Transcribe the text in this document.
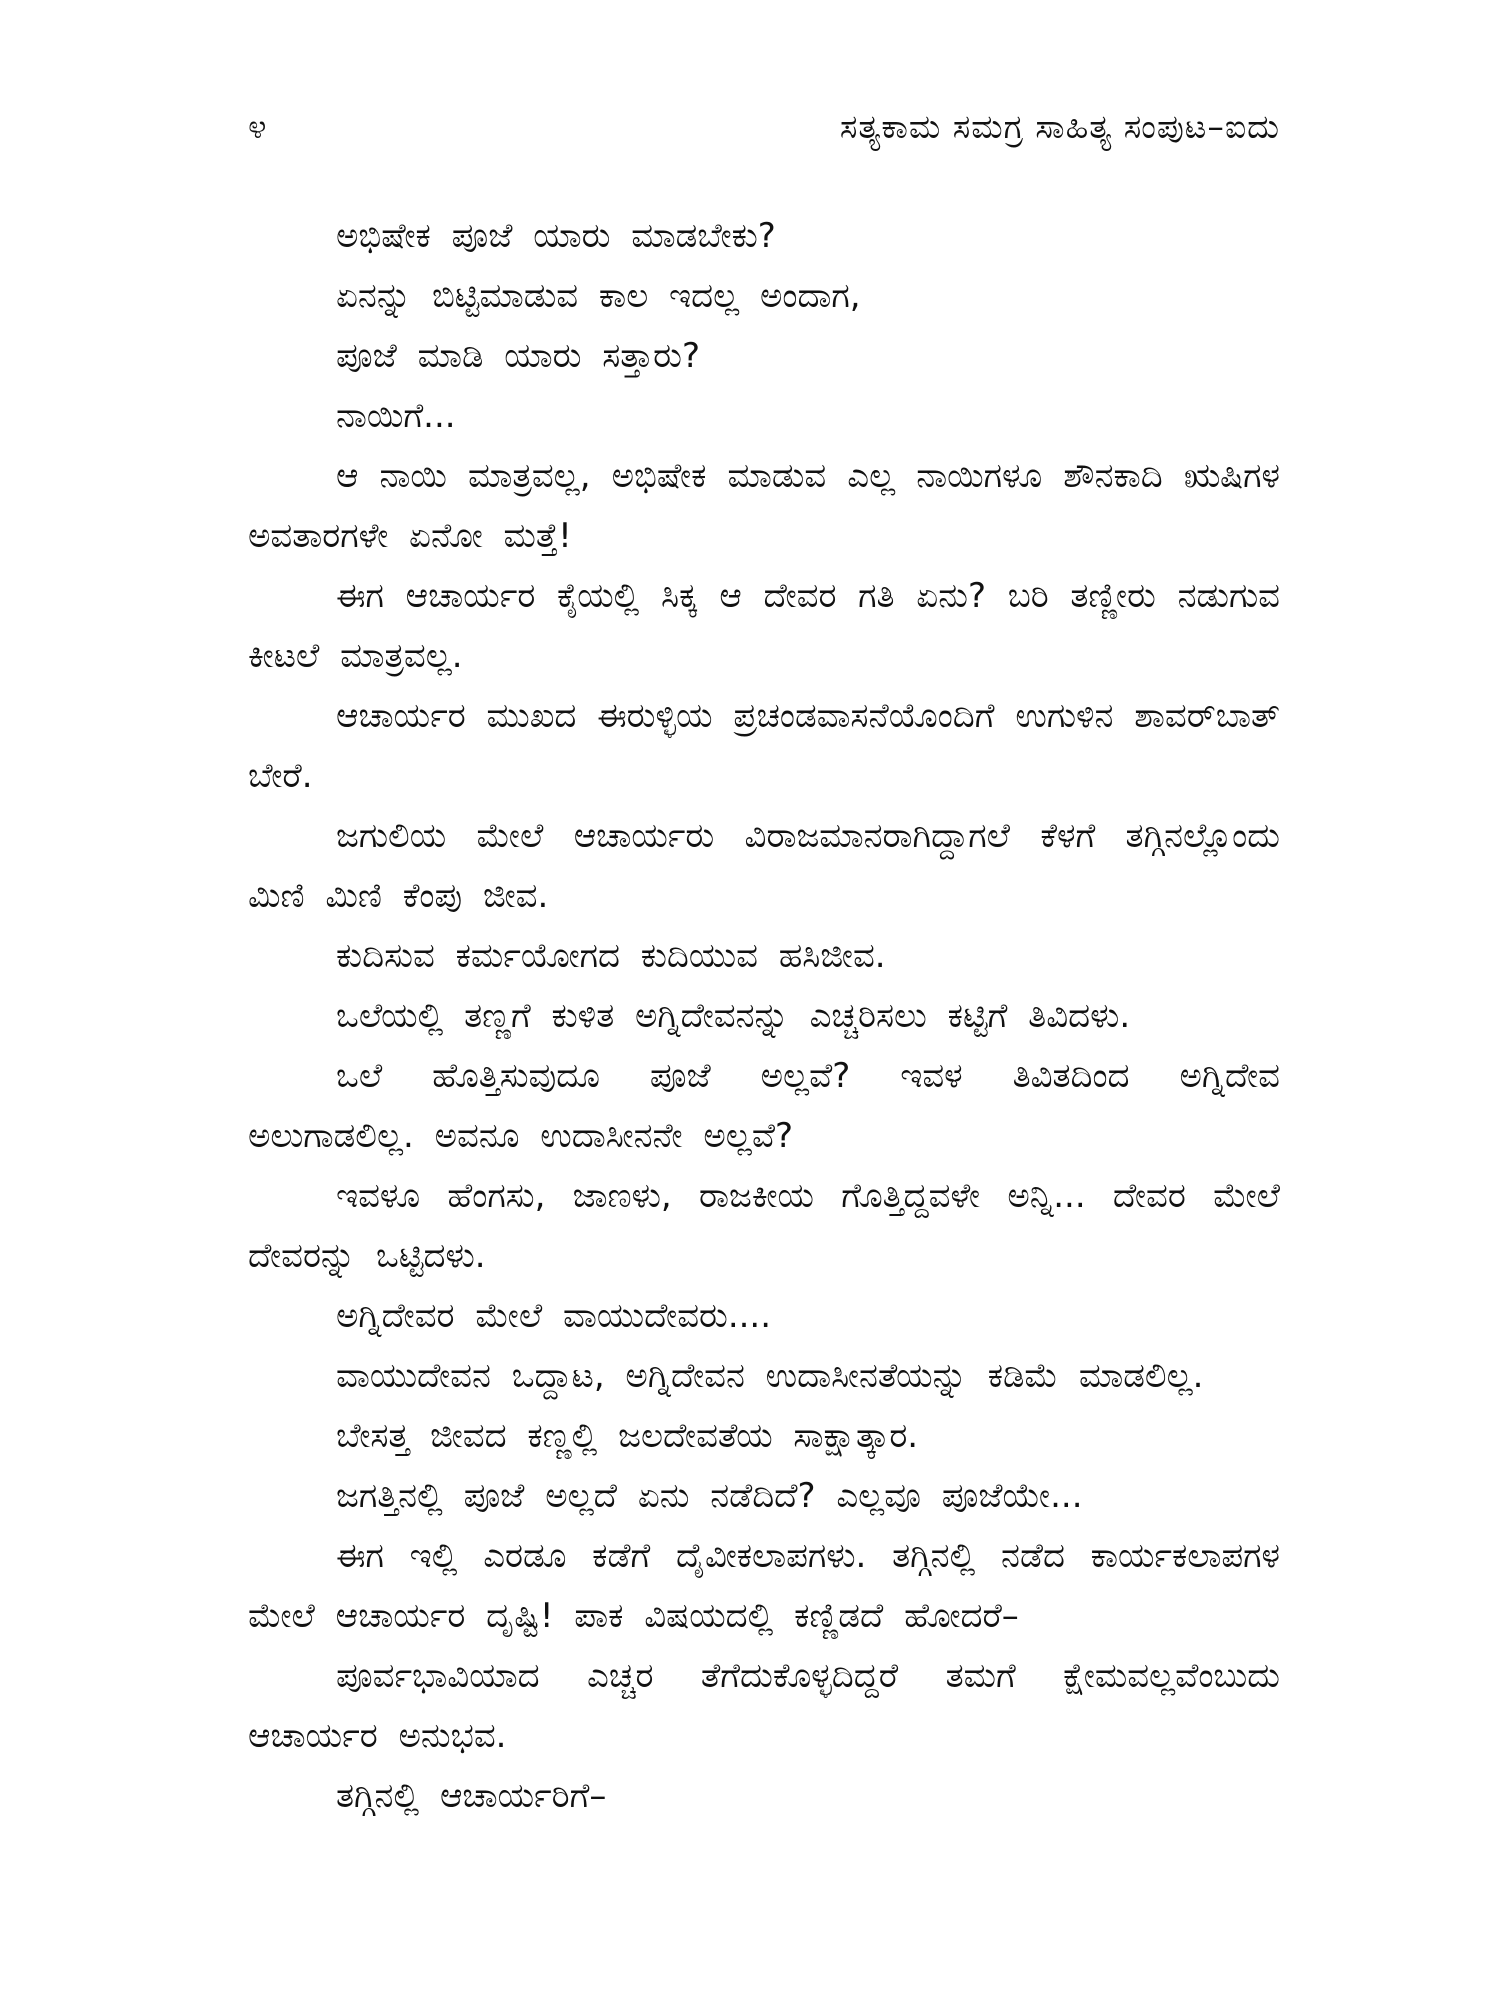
೪	ಸತ್ಯಕಾಮ ಸಮಗ್ರ ಸಾಹಿತ್ಯ ಸಂಪುಟ–ಐದು

ಅಭಿಷೇಕ ಪೂಜೆ ಯಾರು ಮಾಡಬೇಕು?

ಏನನ್ನು ಬಿಟ್ಟಿಮಾಡುವ ಕಾಲ ಇದಲ್ಲ ಅಂದಾಗ,

ಪೂಜೆ ಮಾಡಿ ಯಾರು ಸತ್ತಾರು?

ನಾಯಿಗೆ...

ಆ ನಾಯಿ ಮಾತ್ರವಲ್ಲ, ಅಭಿಷೇಕ ಮಾಡುವ ಎಲ್ಲ ನಾಯಿಗಳೂ ಶೌನಕಾದಿ ಋಷಿಗಳ ಅವತಾರಗಳೇ ಏನೋ ಮತ್ತೆ!

ಈಗ ಆಚಾರ್ಯರ ಕೈಯಲ್ಲಿ ಸಿಕ್ಕ ಆ ದೇವರ ಗತಿ ಏನು? ಬರಿ ತಣ್ಣೀರು ನಡುಗುವ ಕೀಟಲೆ ಮಾತ್ರವಲ್ಲ.

ಆಚಾರ್ಯರ ಮುಖದ ಈರುಳ್ಳಿಯ ಪ್ರಚಂಡವಾಸನೆಯೊಂದಿಗೆ ಉಗುಳಿನ ಶಾವರ್‌ಬಾತ್ ಬೇರೆ.

ಜಗುಲಿಯ ಮೇಲೆ ಆಚಾರ್ಯರು ವಿರಾಜಮಾನರಾಗಿದ್ದಾಗಲೆ ಕೆಳಗೆ ತಗ್ಗಿನಲ್ಲೊಂದು ಮಿಣಿ ಮಿಣಿ ಕೆಂಪು ಜೀವ.

ಕುದಿಸುವ ಕರ್ಮಯೋಗದ ಕುದಿಯುವ ಹಸಿಜೀವ.

ಒಲೆಯಲ್ಲಿ ತಣ್ಣಗೆ ಕುಳಿತ ಅಗ್ನಿದೇವನನ್ನು ಎಚ್ಚರಿಸಲು ಕಟ್ಟಿಗೆ ತಿವಿದಳು.

ಒಲೆ ಹೊತ್ತಿಸುವುದೂ ಪೂಜೆ ಅಲ್ಲವೆ? ಇವಳ ತಿವಿತದಿಂದ ಅಗ್ನಿದೇವ ಅಲುಗಾಡಲಿಲ್ಲ. ಅವನೂ ಉದಾಸೀನನೇ ಅಲ್ಲವೆ?

ಇವಳೂ ಹೆಂಗಸು, ಜಾಣಳು, ರಾಜಕೀಯ ಗೊತ್ತಿದ್ದವಳೇ ಅನ್ನಿ... ದೇವರ ಮೇಲೆ ದೇವರನ್ನು ಒಟ್ಟಿದಳು.

ಅಗ್ನಿದೇವರ ಮೇಲೆ ವಾಯುದೇವರು....

ವಾಯುದೇವನ ಒದ್ದಾಟ, ಅಗ್ನಿದೇವನ ಉದಾಸೀನತೆಯನ್ನು ಕಡಿಮೆ ಮಾಡಲಿಲ್ಲ.

ಬೇಸತ್ತ ಜೀವದ ಕಣ್ಣಲ್ಲಿ ಜಲದೇವತೆಯ ಸಾಕ್ಷಾತ್ಕಾರ.

ಜಗತ್ತಿನಲ್ಲಿ ಪೂಜೆ ಅಲ್ಲದೆ ಏನು ನಡೆದಿದೆ? ಎಲ್ಲವೂ ಪೂಜೆಯೇ...

ಈಗ ಇಲ್ಲಿ ಎರಡೂ ಕಡೆಗೆ ದೈವೀಕಲಾಪಗಳು. ತಗ್ಗಿನಲ್ಲಿ ನಡೆದ ಕಾರ್ಯಕಲಾಪಗಳ ಮೇಲೆ ಆಚಾರ್ಯರ ದೃಷ್ಟಿ! ಪಾಕ ವಿಷಯದಲ್ಲಿ ಕಣ್ಣಿಡದೆ ಹೋದರೆ–

ಪೂರ್ವಭಾವಿಯಾದ ಎಚ್ಚರ ತೆಗೆದುಕೊಳ್ಳದಿದ್ದರೆ ತಮಗೆ ಕ್ಷೇಮವಲ್ಲವೆಂಬುದು ಆಚಾರ್ಯರ ಅನುಭವ.

ತಗ್ಗಿನಲ್ಲಿ ಆಚಾರ್ಯರಿಗೆ–
